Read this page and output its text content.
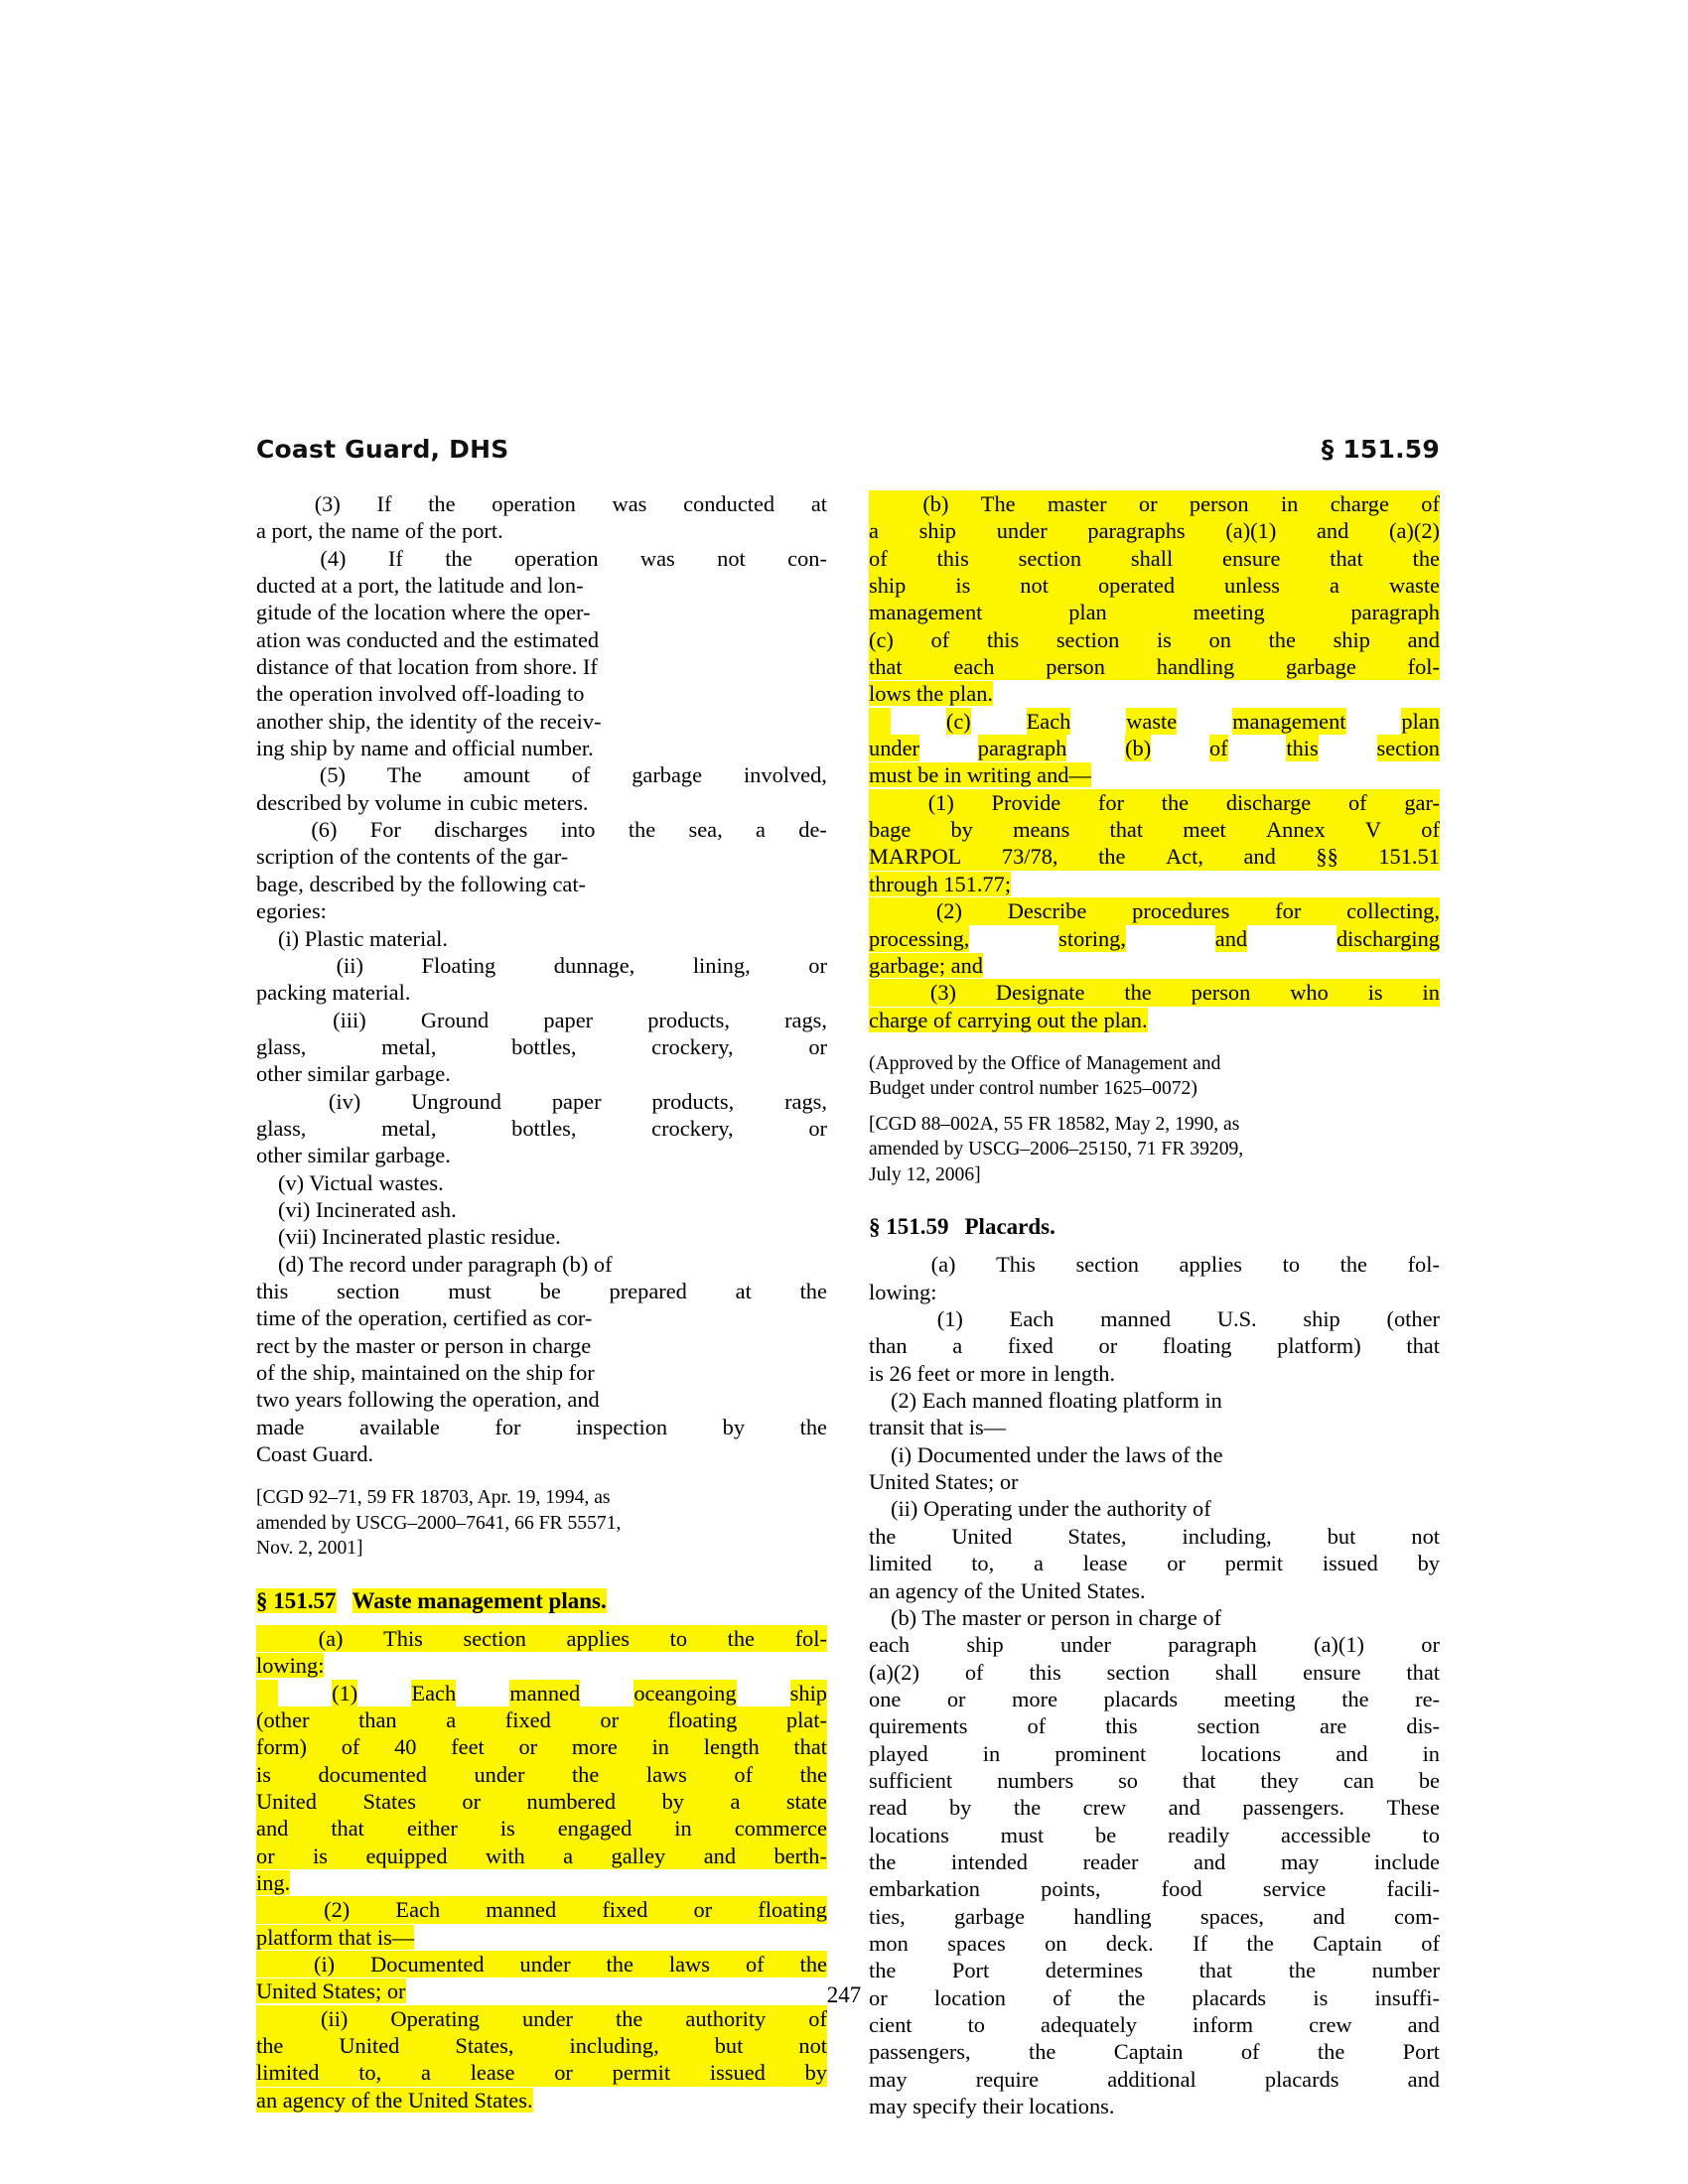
Coast Guard, DHS	§ 151.59
(3) If the operation was conducted at
a port, the name of the port.
(4) If the operation was not con-
ducted at a port, the latitude and lon-
gitude of the location where the oper-
ation was conducted and the estimated
distance of that location from shore. If
the operation involved off-loading to
another ship, the identity of the receiv-
ing ship by name and official number.
(5) The amount of garbage involved,
described by volume in cubic meters.
(6) For discharges into the sea, a de-
scription of the contents of the gar-
bage, described by the following cat-
egories:
(i) Plastic material.
(ii)	Floating	dunnage,	lining,	or
packing material.
(iii) Ground paper products, rags,
glass,	metal,	bottles,	crockery,	or
other similar garbage.
(iv) Unground paper products, rags,
glass,	metal,	bottles,	crockery,	or
other similar garbage.
(v) Victual wastes.
(vi) Incinerated ash.
(vii) Incinerated plastic residue.
(d) The record under paragraph (b) of
this section must be prepared at the
time of the operation, certified as cor-
rect by the master or person in charge
of the ship, maintained on the ship for
two years following the operation, and
made available for inspection by the
Coast Guard.
[CGD 92–71, 59 FR 18703, Apr. 19, 1994, as
amended by USCG–2000–7641, 66 FR 55571,
Nov. 2, 2001]
§ 151.57 Waste management plans.
(a) This section applies to the fol-
lowing:
(1) Each manned oceangoing ship
(other than a fixed or floating plat-
form) of 40 feet or more in length that
is documented under the laws of the
United States or numbered by a state
and that either is engaged in commerce
or is equipped with a galley and berth-
ing.
(2) Each manned fixed or floating
platform that is—
(i) Documented under the laws of the
United States; or
(ii) Operating under the authority of
the	United	States,	including,	but	not
limited to, a lease or permit issued by
an agency of the United States.
(b) The master or person in charge of
a ship under paragraphs (a)(1) and (a)(2)
of this section shall ensure that the
ship is not operated unless a waste
management	plan	meeting	paragraph
(c) of this section is on the ship and
that each person handling garbage fol-
lows the plan.
(c) Each waste management plan
under	paragraph	(b)	of	this	section
must be in writing and—
(1) Provide for the discharge of gar-
bage by means that meet Annex V of
MARPOL 73/78, the Act, and §§ 151.51
through 151.77;
(2) Describe procedures for collecting,
processing,	storing,	and	discharging
garbage; and
(3) Designate the person who is in
charge of carrying out the plan.
(Approved by the Office of Management and
Budget under control number 1625–0072)
[CGD 88–002A, 55 FR 18582, May 2, 1990, as
amended by USCG–2006–25150, 71 FR 39209,
July 12, 2006]
§ 151.59 Placards.
(a) This section applies to the fol-
lowing:
(1) Each manned U.S. ship (other
than a fixed or floating platform) that
is 26 feet or more in length.
(2) Each manned floating platform in
transit that is—
(i) Documented under the laws of the
United States; or
(ii) Operating under the authority of
the	United	States,	including,	but	not
limited to, a lease or permit issued by
an agency of the United States.
(b) The master or person in charge of
each	ship	under	paragraph	(a)(1)	or
(a)(2) of this section shall ensure that
one or more placards meeting the re-
quirements	of	this	section	are	dis-
played in prominent locations and in
sufficient numbers so that they can be
read by the crew and passengers. These
locations must be readily accessible to
the intended reader and may include
embarkation	points,	food	service	facili-
ties, garbage handling spaces, and com-
mon spaces on deck. If the Captain of
the	Port	determines	that	the	number
or location of the placards is insuffi-
cient	to	adequately	inform	crew	and
passengers,	the	Captain	of	the	Port
may	require	additional	placards	and
may specify their locations.
247
